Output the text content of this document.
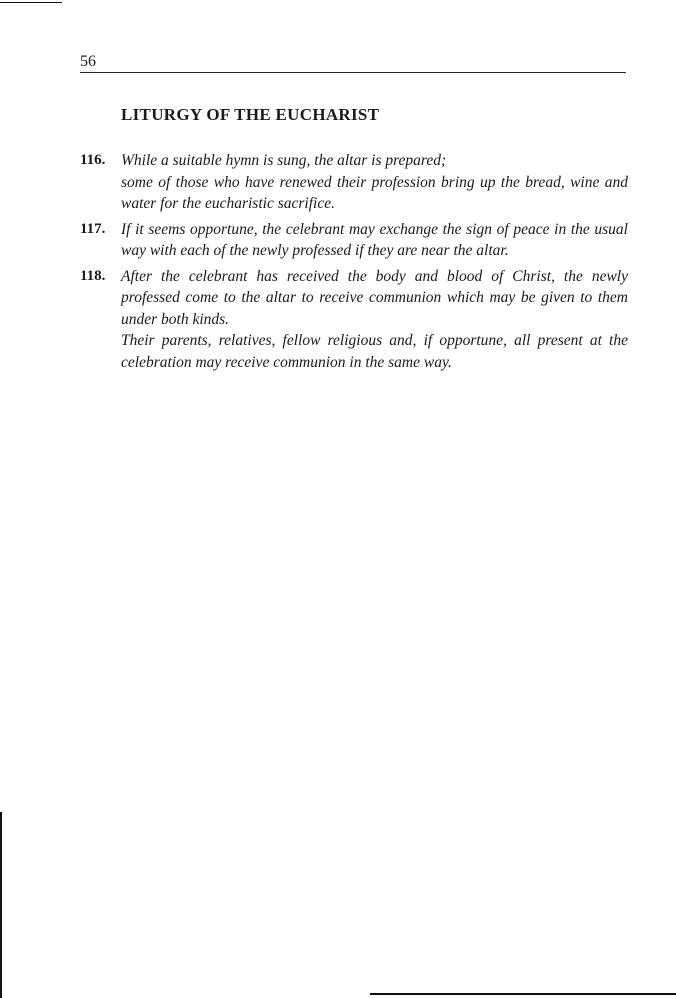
56
LITURGY OF THE EUCHARIST
116. While a suitable hymn is sung, the altar is prepared;

some of those who have renewed their profession bring up the bread, wine and water for the eucharistic sacrifice.

117. If it seems opportune, the celebrant may exchange the sign of peace in the usual way with each of the newly professed if they are near the altar.

118. After the celebrant has received the body and blood of Christ, the newly professed come to the altar to receive communion which may be given to them under both kinds.

Their parents, relatives, fellow religious and, if opportune, all present at the celebration may receive communion in the same way.
